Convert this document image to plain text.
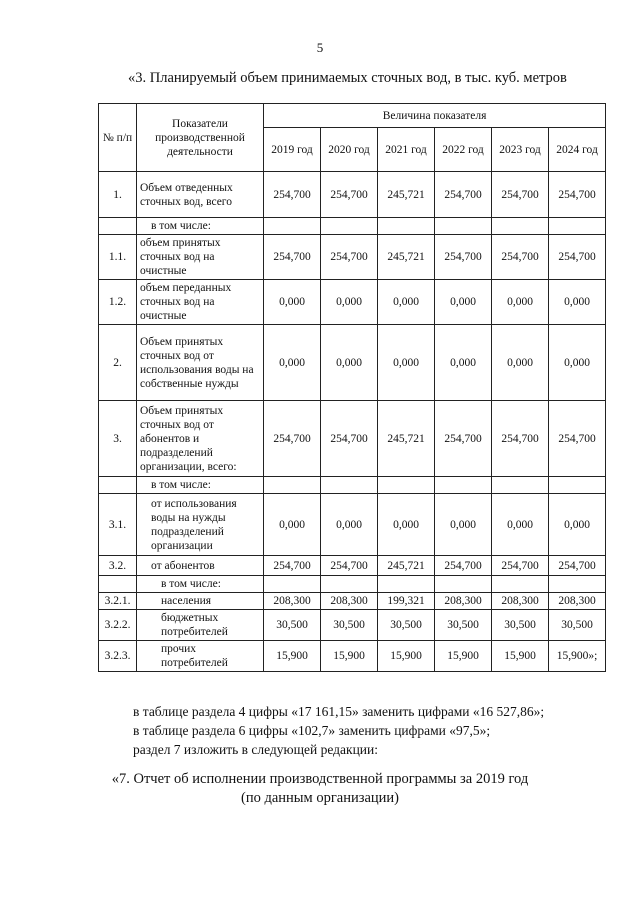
5
«3. Планируемый объем принимаемых сточных вод, в тыс. куб. метров
№ п/п	Показатели производственной деятельности	Величина показателя					
		2019 год	2020 год	2021 год	2022 год	2023 год	2024 год
1.	Объем отведенных сточных вод, всего	254,700	254,700	245,721	254,700	254,700	254,700
	в том числе:						
1.1.	объем принятых сточных вод на очистные	254,700	254,700	245,721	254,700	254,700	254,700
1.2.	объем переданных сточных вод на очистные	0,000	0,000	0,000	0,000	0,000	0,000
2.	Объем принятых сточных вод от использования воды на собственные нужды	0,000	0,000	0,000	0,000	0,000	0,000
3.	Объем принятых сточных вод от абонентов и подразделений организации, всего:	254,700	254,700	245,721	254,700	254,700	254,700
	в том числе:						
3.1.	от использования воды на нужды подразделений организации	0,000	0,000	0,000	0,000	0,000	0,000
3.2.	от абонентов	254,700	254,700	245,721	254,700	254,700	254,700
	в том числе:						
3.2.1.	населения	208,300	208,300	199,321	208,300	208,300	208,300
3.2.2.	бюджетных потребителей	30,500	30,500	30,500	30,500	30,500	30,500
3.2.3.	прочих потребителей	15,900	15,900	15,900	15,900	15,900	15,900»;
в таблице раздела 4 цифры «17 161,15» заменить цифрами «16 527,86»;
в таблице раздела 6 цифры «102,7» заменить цифрами «97,5»;
раздел 7 изложить в следующей редакции:
«7. Отчет об исполнении производственной программы за 2019 год
(по данным организации)
